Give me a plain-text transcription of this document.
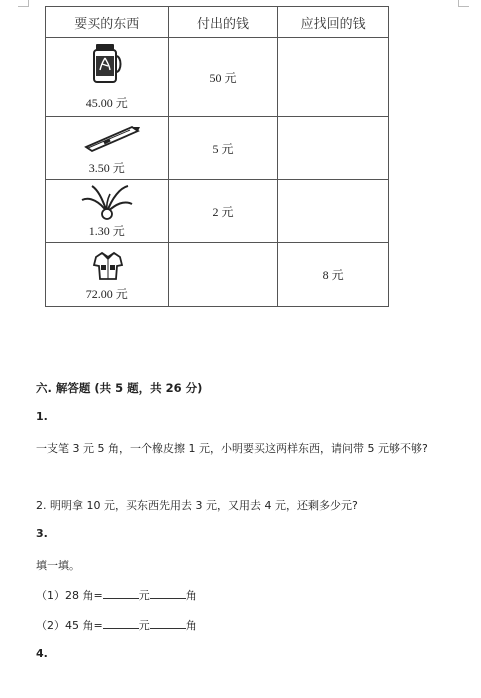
要买的东西	付出的钱	应找回的钱

45.00 元	50 元	

3.50 元	5 元	

1.30 元	2 元	

72.00 元		8 元
六. 解答题 (共 5 题，共 26 分)
1.
一支笔 3 元 5 角，一个橡皮擦 1 元，小明要买这两样东西，请问带 5 元够不够?
2. 明明拿 10 元，买东西先用去 3 元，又用去 4 元，还剩多少元?
3.
填一填。
（1）28 角=	元	角
（2）45 角=	元	角
4.
